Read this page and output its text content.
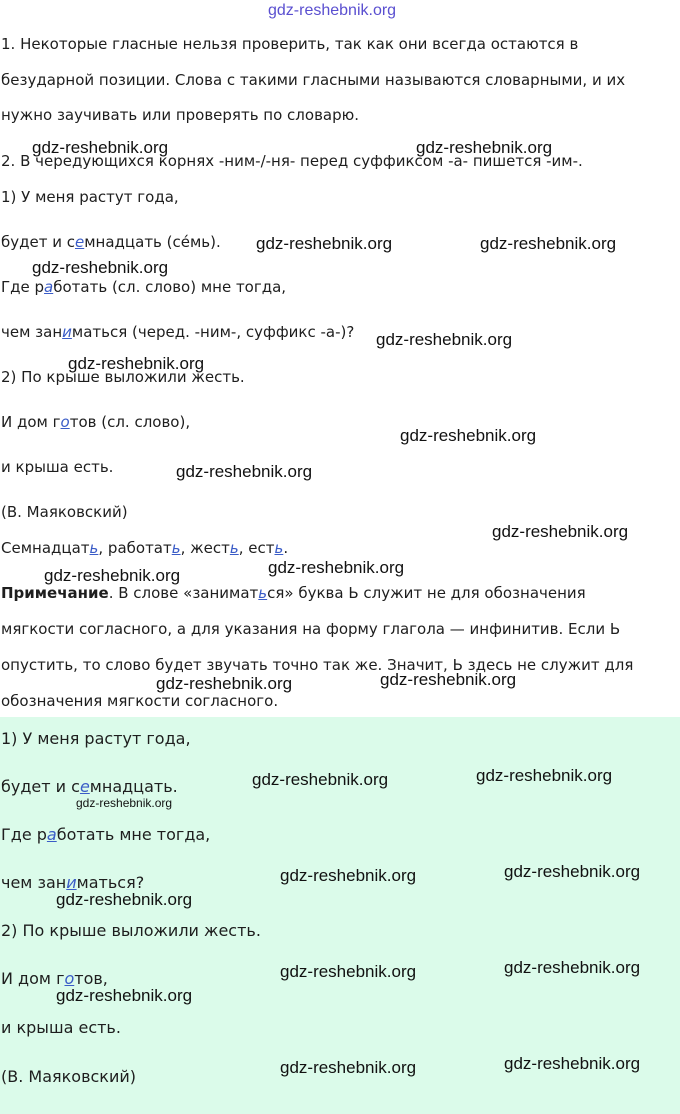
gdz-reshebnik.org
1. Некоторые гласные нельзя проверить, так как они всегда остаются в
безударной позиции. Слова с такими гласными называются словарными, и их
нужно заучивать или проверять по словарю.
2. В чередующихся корнях -ним-/-ня- перед суффиксом -а- пишется -им-.
1) У меня растут года,
будет и семнадцать (сéмь).
Где работать (сл. слово) мне тогда,
чем заниматься (черед. -ним-, суффикс -а-)?
2) По крыше выложили жесть.
И дом готов (сл. слово),
и крыша есть.
(В. Маяковский)
Семнадцать, работать, жесть, есть.
Примечание. В слове «заниматься» буква Ь служит не для обозначения
мягкости согласного, а для указания на форму глагола — инфинитив. Если Ь
опустить, то слово будет звучать точно так же. Значит, Ь здесь не служит для
обозначения мягкости согласного.
1) У меня растут года,
будет и семнадцать.
Где работать мне тогда,
чем заниматься?
2) По крыше выложили жесть.
И дом готов,
и крыша есть.
(В. Маяковский)
gdz-reshebnik.org	gdz-reshebnik.org
gdz-reshebnik.org	gdz-reshebnik.org
gdz-reshebnik.org
gdz-reshebnik.org
gdz-reshebnik.org
gdz-reshebnik.org
gdz-reshebnik.org
gdz-reshebnik.org
gdz-reshebnik.org
gdz-reshebnik.org
gdz-reshebnik.org
gdz-reshebnik.org
gdz-reshebnik.org	gdz-reshebnik.org
gdz-reshebnik.org
gdz-reshebnik.org	gdz-reshebnik.org
gdz-reshebnik.org
gdz-reshebnik.org	gdz-reshebnik.org
gdz-reshebnik.org
gdz-reshebnik.org	gdz-reshebnik.org
